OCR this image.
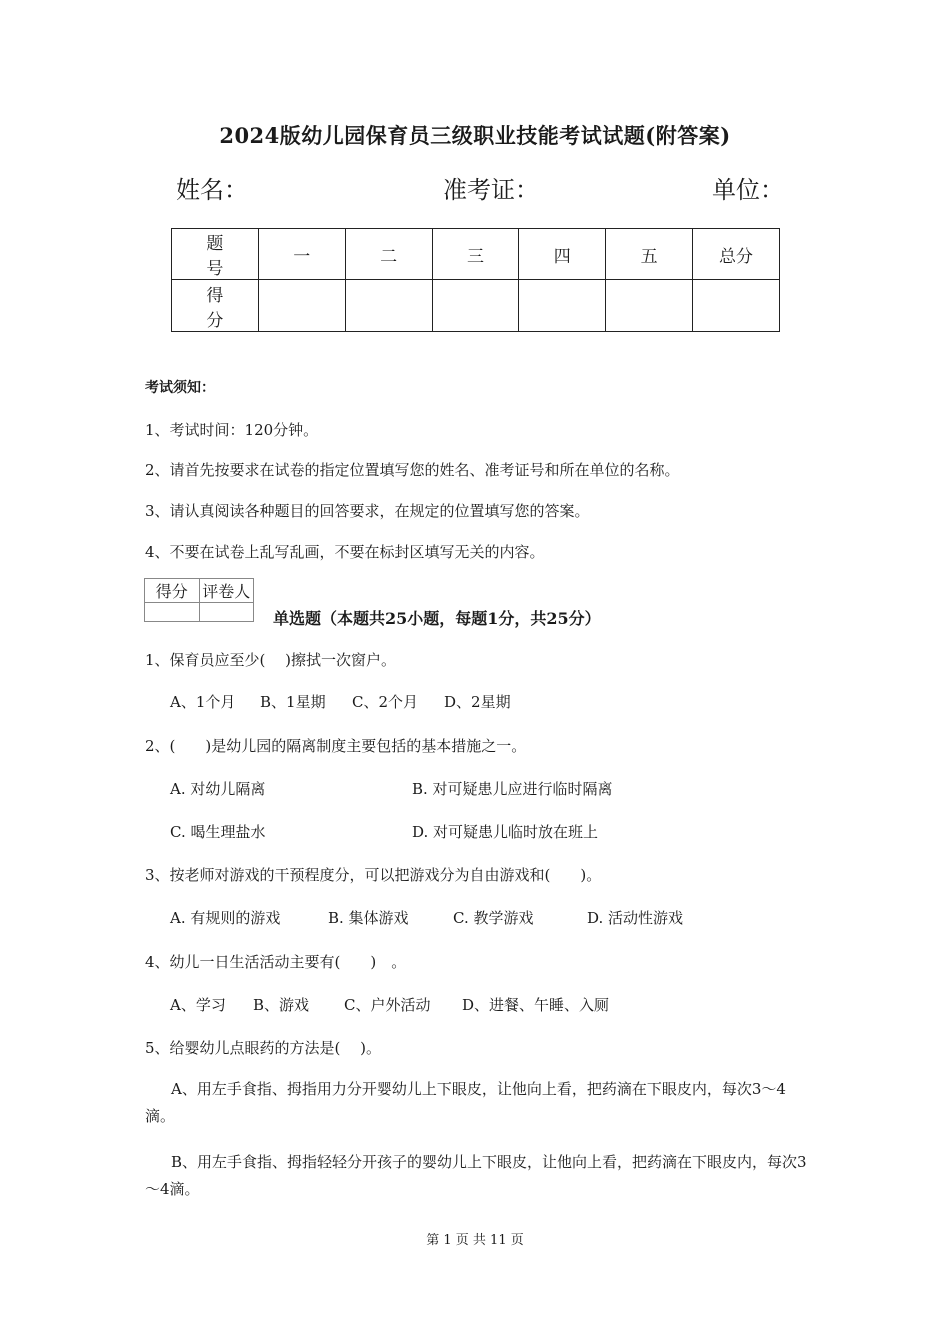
2024版幼儿园保育员三级职业技能考试试题(附答案)
姓名：	准考证：	单位：
题　号	一	二	三	四	五	总分
得　分						
考试须知：
1、考试时间：120分钟。
2、请首先按要求在试卷的指定位置填写您的姓名、准考证号和所在单位的名称。
3、请认真阅读各种题目的回答要求，在规定的位置填写您的答案。
4、不要在试卷上乱写乱画，不要在标封区填写无关的内容。
得分	评卷人

单选题（本题共25小题，每题1分，共25分）
1、保育员应至少(　 )擦拭一次窗户。
A、1个月 B、1星期 C、2个月 D、2星期
2、(　　)是幼儿园的隔离制度主要包括的基本措施之一。
A. 对幼儿隔离	B. 对可疑患儿应进行临时隔离
C. 喝生理盐水	D. 对可疑患儿临时放在班上
3、按老师对游戏的干预程度分，可以把游戏分为自由游戏和(　　)。
A. 有规则的游戏	B. 集体游戏	C. 教学游戏	D. 活动性游戏
4、幼儿一日生活活动主要有(　　)　。
A、学习 B、游戏 C、户外活动 D、进餐、午睡、入厕
5、给婴幼儿点眼药的方法是(　 )。
A、用左手食指、拇指用力分开婴幼儿上下眼皮，让他向上看，把药滴在下眼皮内，每次3～4滴。
B、用左手食指、拇指轻轻分开孩子的婴幼儿上下眼皮，让他向上看，把药滴在下眼皮内，每次3～4滴。
第 1 页 共 11 页
